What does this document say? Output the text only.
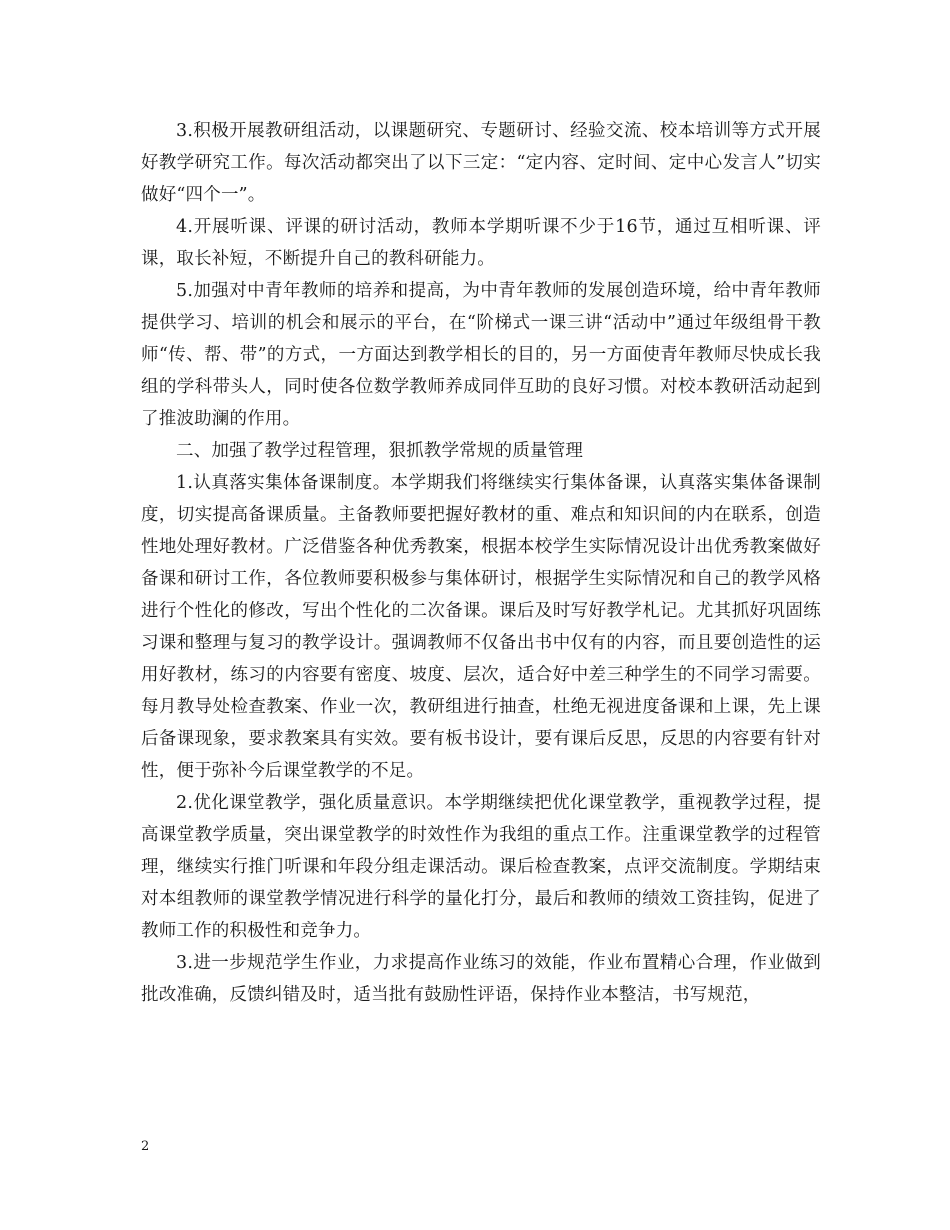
3.积极开展教研组活动，以课题研究、专题研讨、经验交流、校本培训等方式开展好教学研究工作。每次活动都突出了以下三定：“定内容、定时间、定中心发言人”切实做好“四个一”。

4.开展听课、评课的研讨活动，教师本学期听课不少于16节，通过互相听课、评课，取长补短，不断提升自己的教科研能力。

5.加强对中青年教师的培养和提高，为中青年教师的发展创造环境，给中青年教师提供学习、培训的机会和展示的平台，在“阶梯式一课三讲“活动中”通过年级组骨干教师“传、帮、带”的方式，一方面达到教学相长的目的，另一方面使青年教师尽快成长我组的学科带头人，同时使各位数学教师养成同伴互助的良好习惯。对校本教研活动起到了推波助澜的作用。

二、加强了教学过程管理，狠抓教学常规的质量管理

1.认真落实集体备课制度。本学期我们将继续实行集体备课，认真落实集体备课制度，切实提高备课质量。主备教师要把握好教材的重、难点和知识间的内在联系，创造性地处理好教材。广泛借鉴各种优秀教案，根据本校学生实际情况设计出优秀教案做好备课和研讨工作，各位教师要积极参与集体研讨，根据学生实际情况和自己的教学风格进行个性化的修改，写出个性化的二次备课。课后及时写好教学札记。尤其抓好巩固练习课和整理与复习的教学设计。强调教师不仅备出书中仅有的内容，而且要创造性的运用好教材，练习的内容要有密度、坡度、层次，适合好中差三种学生的不同学习需要。每月教导处检查教案、作业一次，教研组进行抽查，杜绝无视进度备课和上课，先上课后备课现象，要求教案具有实效。要有板书设计，要有课后反思，反思的内容要有针对性，便于弥补今后课堂教学的不足。

2.优化课堂教学，强化质量意识。本学期继续把优化课堂教学，重视教学过程，提高课堂教学质量，突出课堂教学的时效性作为我组的重点工作。注重课堂教学的过程管理，继续实行推门听课和年段分组走课活动。课后检查教案，点评交流制度。学期结束对本组教师的课堂教学情况进行科学的量化打分，最后和教师的绩效工资挂钩，促进了教师工作的积极性和竞争力。

3.进一步规范学生作业，力求提高作业练习的效能，作业布置精心合理，作业做到批改准确，反馈纠错及时，适当批有鼓励性评语，保持作业本整洁，书写规范，

2
